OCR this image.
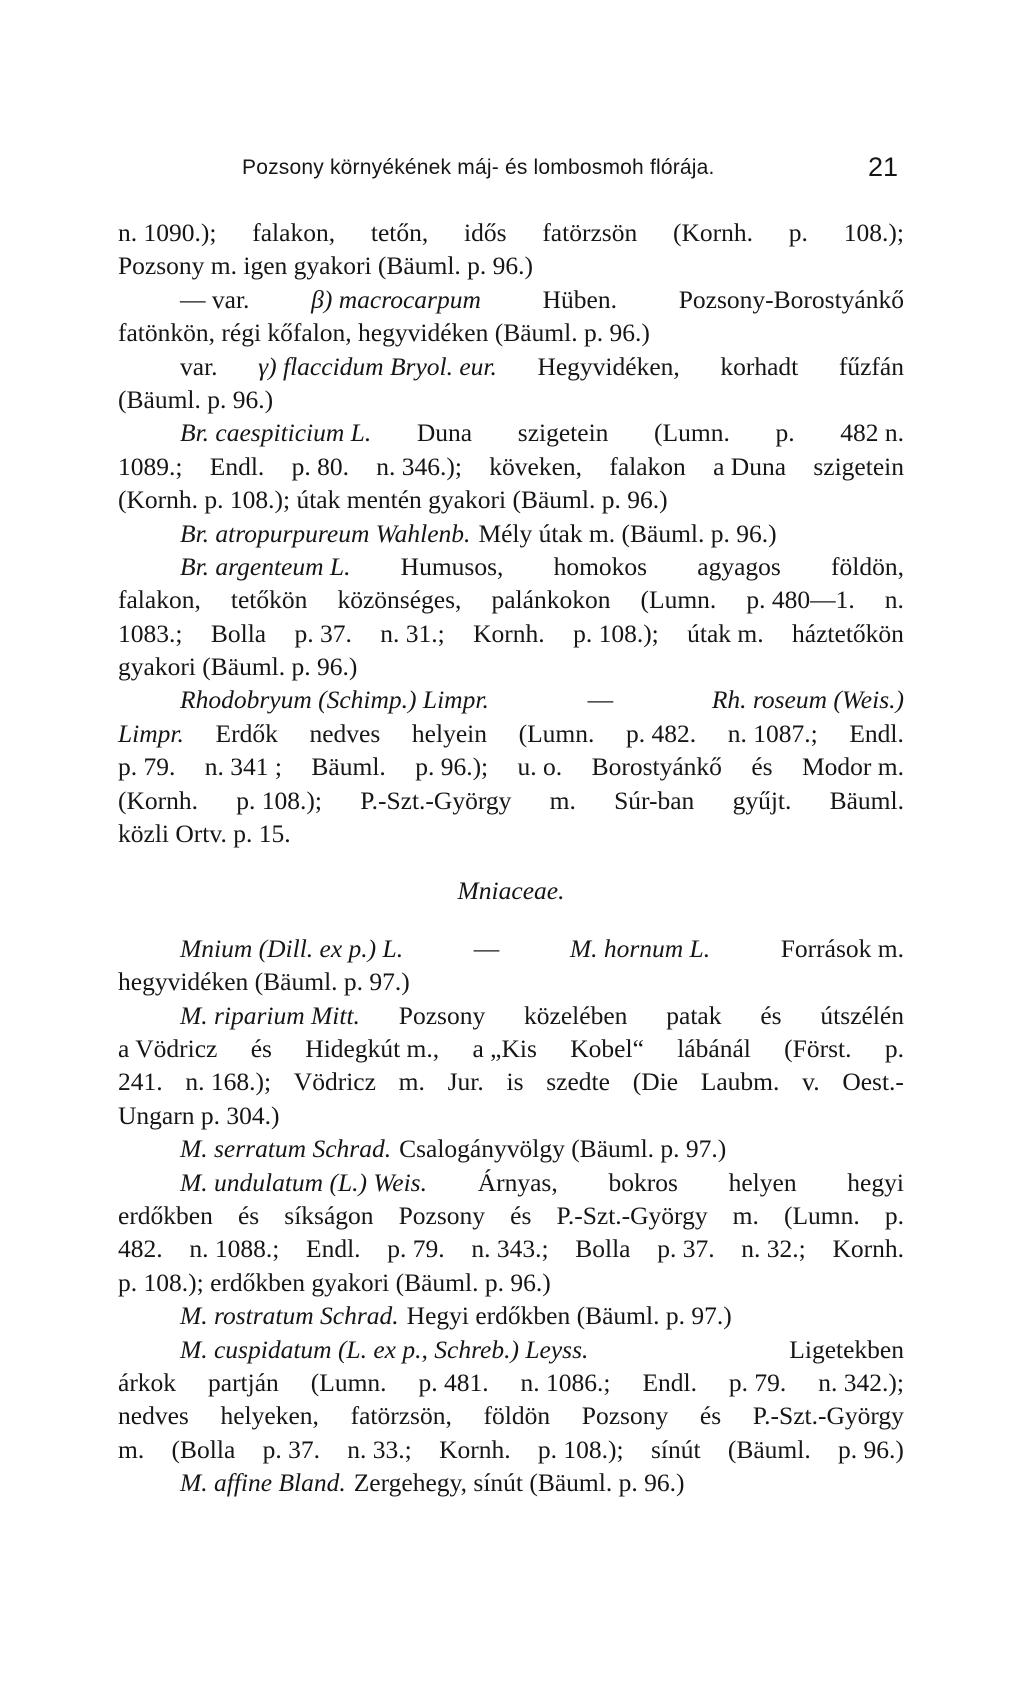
Pozsony környékének máj- és lombosmoh flórája.	21
n. 1090.); falakon, tetőn, idős fatörzsön (Kornh. p. 108.);
Pozsony m. igen gyakori (Bäuml. p. 96.)
— var. β) macrocarpum Hüben. Pozsony-Borostyánkő
fatönkön, régi kőfalon, hegyvidéken (Bäuml. p. 96.)
var. γ) flaccidum Bryol. eur. Hegyvidéken, korhadt fűzfán
(Bäuml. p. 96.)
Br. caespiticium L. Duna szigetein (Lumn. p. 482 n.
1089.; Endl. p. 80. n. 346.); köveken, falakon a Duna szigetein
(Kornh. p. 108.); útak mentén gyakori (Bäuml. p. 96.)
Br. atropurpureum Wahlenb. Mély útak m. (Bäuml. p. 96.)
Br. argenteum L. Humusos, homokos agyagos földön,
falakon, tetőkön közönséges, palánkokon (Lumn. p. 480—1. n.
1083.; Bolla p. 37. n. 31.; Kornh. p. 108.); útak m. háztetőkön
gyakori (Bäuml. p. 96.)
Rhodobryum (Schimp.) Limpr.	—	Rh. roseum (Weis.)
Limpr. Erdők nedves helyein (Lumn. p. 482. n. 1087.; Endl.
p. 79. n. 341 ; Bäuml. p. 96.); u. o. Borostyánkő és Modor m.
(Kornh. p. 108.); P.-Szt.-György m. Súr-ban gyűjt. Bäuml.
közli Ortv. p. 15.
Mniaceae.
Mnium (Dill. ex p.) L.	—	M. hornum L.	Források m.
hegyvidéken (Bäuml. p. 97.)
M. riparium Mitt. Pozsony közelében patak és útszélén
a Vödricz és Hidegkút m., a „Kis Kobel“ lábánál (Först. p.
241. n. 168.); Vödricz m. Jur. is szedte (Die Laubm. v. Oest.-
Ungarn p. 304.)
M. serratum Schrad. Csalogányvölgy (Bäuml. p. 97.)
M. undulatum (L.) Weis. Árnyas, bokros helyen hegyi
erdőkben és síkságon Pozsony és P.-Szt.-György m. (Lumn. p.
482. n. 1088.; Endl. p. 79. n. 343.; Bolla p. 37. n. 32.; Kornh.
p. 108.); erdőkben gyakori (Bäuml. p. 96.)
M. rostratum Schrad. Hegyi erdőkben (Bäuml. p. 97.)
M. cuspidatum (L. ex p., Schreb.) Leyss.	Ligetekben
árkok partján (Lumn. p. 481. n. 1086.; Endl. p. 79. n. 342.);
nedves helyeken, fatörzsön, földön Pozsony és P.-Szt.-György
m. (Bolla p. 37. n. 33.; Kornh. p. 108.); sínút (Bäuml. p. 96.)
M. affine Bland. Zergehegy, sínút (Bäuml. p. 96.)
